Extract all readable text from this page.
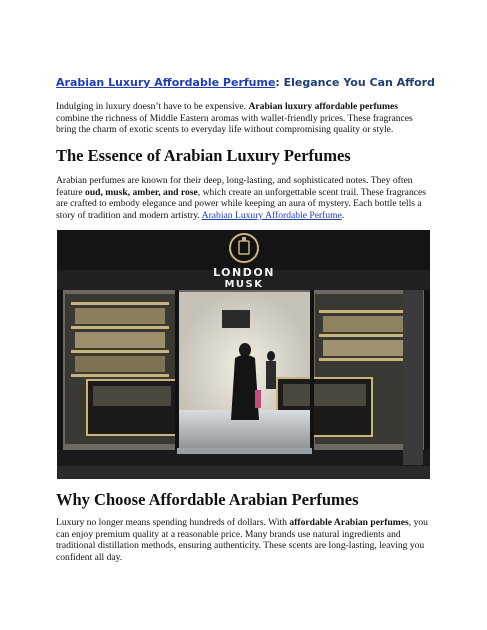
Arabian Luxury Affordable Perfume: Elegance You Can Afford

Indulging in luxury doesn’t have to be expensive. Arabian luxury affordable perfumes combine the richness of Middle Eastern aromas with wallet-friendly prices. These fragrances bring the charm of exotic scents to everyday life without compromising quality or style.

The Essence of Arabian Luxury Perfumes

Arabian perfumes are known for their deep, long-lasting, and sophisticated notes. They often feature oud, musk, amber, and rose, which create an unforgettable scent trail. These fragrances are crafted to embody elegance and power while keeping an aura of mystery. Each bottle tells a story of tradition and modern artistry. Arabian Luxury Affordable Perfume.

LONDON
MUSK
Why Choose Affordable Arabian Perfumes

Luxury no longer means spending hundreds of dollars. With affordable Arabian perfumes, you can enjoy premium quality at a reasonable price. Many brands use natural ingredients and traditional distillation methods, ensuring authenticity. These scents are long-lasting, leaving you confident all day.
